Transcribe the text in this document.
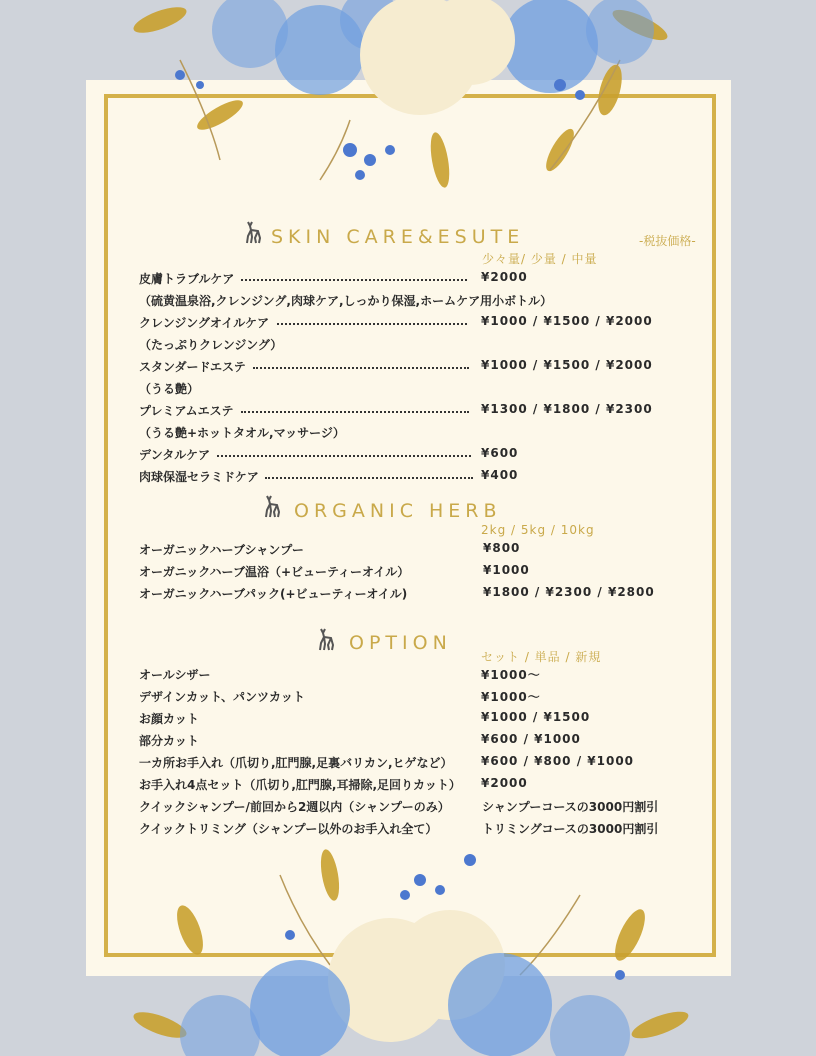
-税抜価格-
SKIN CARE&ESUTE
少々量/ 少量 / 中量
皮膚トラブルケア	¥2000
（硫黄温泉浴,クレンジング,肉球ケア,しっかり保湿,ホームケア用小ボトル）
クレンジングオイルケア	¥1000 / ¥1500 / ¥2000
（たっぷりクレンジング）
スタンダードエステ	¥1000 / ¥1500 / ¥2000
（うる艶）
プレミアムエステ	¥1300 / ¥1800 / ¥2300
（うる艶+ホットタオル,マッサージ）
デンタルケア	¥600
肉球保湿セラミドケア	¥400
ORGANIC HERB
2kg / 5kg / 10kg
オーガニックハーブシャンプー	¥800
オーガニックハーブ温浴（+ビューティーオイル）	¥1000
オーガニックハーブパック(+ビューティーオイル)	¥1800 / ¥2300 / ¥2800
OPTION
セット / 単品 / 新規
オールシザー	¥1000〜
デザインカット、パンツカット	¥1000〜
お顔カット	¥1000 / ¥1500
部分カット	¥600 / ¥1000
一カ所お手入れ（爪切り,肛門腺,足裏バリカン,ヒゲなど） ¥600 / ¥800 / ¥1000
お手入れ4点セット（爪切り,肛門腺,耳掃除,足回りカット） ¥2000
クイックシャンプー/前回から2週以内（シャンプーのみ）	シャンプーコースの3000円割引
クイックトリミング（シャンプー以外のお手入れ全て）	トリミングコースの3000円割引
